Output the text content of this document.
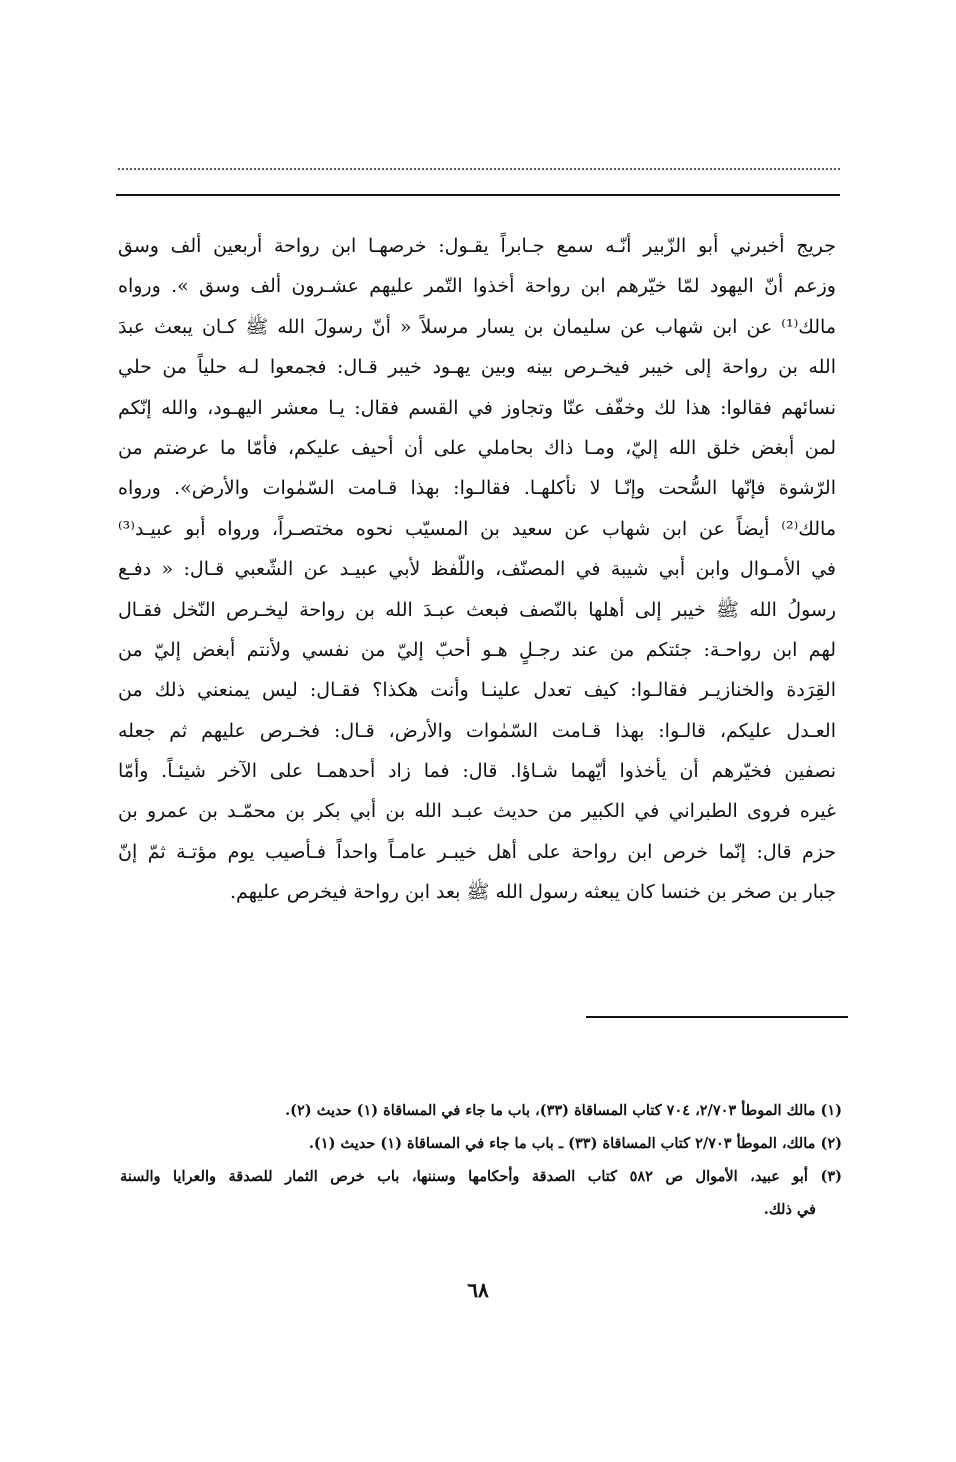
جريج أخبرني أبو الزّبير أنّـه سمع جـابراً يقـول: خرصهـا ابن رواحة أربعين ألف وسق
وزعم أنّ اليهود لمّا خيّرهم ابن رواحة أخذوا التّمر عليهم عشـرون ألف وسق ». ورواه
مالك⁽¹⁾ عن ابن شهاب عن سليمان بن يسار مرسلاً « أنّ رسولَ الله ﷺ كـان يبعث عبدَ
الله بن رواحة إلى خيبر فيخـرص بينه وبين يهـود خيبر قـال: فجمعوا لـه حلياً من حلي
نسائهم فقالوا: هذا لك وخفّف عنّا وتجاوز في القسم فقال: يـا معشر اليهـود، والله إنّكم
لمن أبغض خلق الله إليّ، ومـا ذاك بحاملي على أن أحيف عليكم، فأمّا ما عرضتم من
الرّشوة فإنّها السُّحت وإنّـا لا نأكلهـا. فقالـوا: بهذا قـامت السّمٰوات والأرض». ورواه
مالك⁽²⁾ أيضاً عن ابن شهاب عن سعيد بن المسيّب نحوه مختصـراً، ورواه أبو عبيـد⁽³⁾
في الأمـوال وابن أبي شيبة في المصنّف، واللّفظ لأبي عبيـد عن الشّعبي قـال: « دفـع
رسولُ الله ﷺ خيبر إلى أهلها بالنّصف فبعث عبـدَ الله بن رواحة ليخـرص النّخل فقـال
لهم ابن رواحـة: جئتكم من عند رجـلٍ هـو أحبّ إليّ من نفسي ولأنتم أبغض إليّ من
القِرَدة والخنازيـر فقالـوا: كيف تعدل علينـا وأنت هكذا؟ فقـال: ليس يمنعني ذلك من
العـدل عليكم، قالـوا: بهذا قـامت السّمٰوات والأرض، قـال: فخـرص عليهم ثم جعله
نصفين فخيّرهم أن يأخذوا أيّهما شـاؤا. قال: فما زاد أحدهمـا على الآخر شيئـاً. وأمّا
غيره فروى الطبراني في الكبير من حديث عبـد الله بن أبي بكر بن محمّـد بن عمرو بن
حزم قال: إنّما خرص ابن رواحة على أهل خيبـر عامـاً واحداً فـأصيب يوم مؤتـة ثمّ إنّ
جبار بن صخر بن خنسا كان يبعثه رسول الله ﷺ بعد ابن رواحة فيخرص عليهم.
(١) مالك الموطأ ٢/٧٠٣، ٧٠٤ كتاب المساقاة (٣٣)، باب ما جاء في المساقاة (١) حديث (٢).
(٢) مالك، الموطأ ٢/٧٠٣ كتاب المساقاة (٣٣) ـ باب ما جاء في المساقاة (١) حديث (١).
(٣) أبو عبيد، الأموال ص ٥٨٢ كتاب الصدقة وأحكامها وسننها، باب خرص الثمار للصدقة والعرايا والسنة
في ذلك.
٦٨
